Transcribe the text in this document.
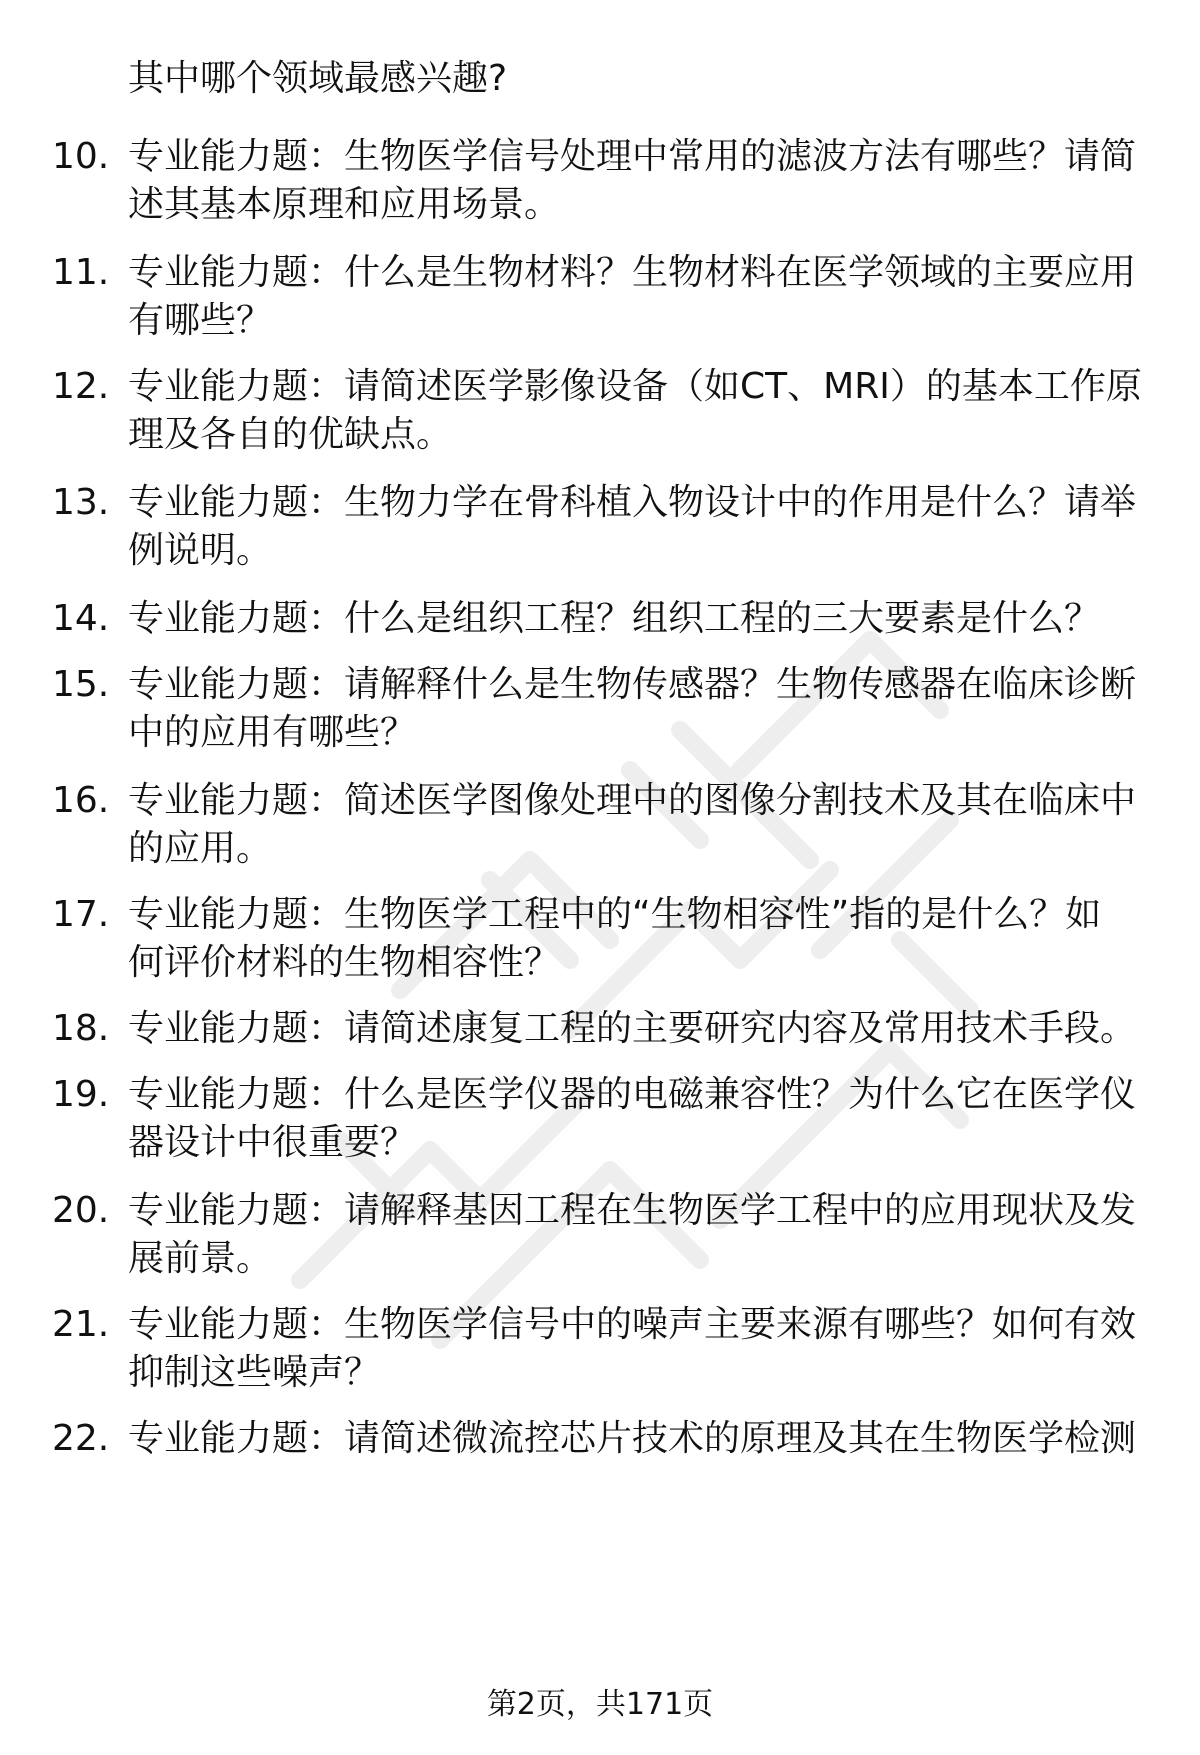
其中哪个领域最感兴趣?
10. 专业能力题：生物医学信号处理中常用的滤波方法有哪些？请简
述其基本原理和应用场景。
11. 专业能力题：什么是生物材料？生物材料在医学领域的主要应用
有哪些？
12. 专业能力题：请简述医学影像设备（如CT、MRI）的基本工作原
理及各自的优缺点。
13. 专业能力题：生物力学在骨科植入物设计中的作用是什么？请举
例说明。
14. 专业能力题：什么是组织工程？组织工程的三大要素是什么？
15. 专业能力题：请解释什么是生物传感器？生物传感器在临床诊断
中的应用有哪些？
16. 专业能力题：简述医学图像处理中的图像分割技术及其在临床中
的应用。
17. 专业能力题：生物医学工程中的“生物相容性”指的是什么？如
何评价材料的生物相容性？
18. 专业能力题：请简述康复工程的主要研究内容及常用技术手段。
19. 专业能力题：什么是医学仪器的电磁兼容性？为什么它在医学仪
器设计中很重要？
20. 专业能力题：请解释基因工程在生物医学工程中的应用现状及发
展前景。
21. 专业能力题：生物医学信号中的噪声主要来源有哪些？如何有效
抑制这些噪声？
22. 专业能力题：请简述微流控芯片技术的原理及其在生物医学检测
第2页，共171页
